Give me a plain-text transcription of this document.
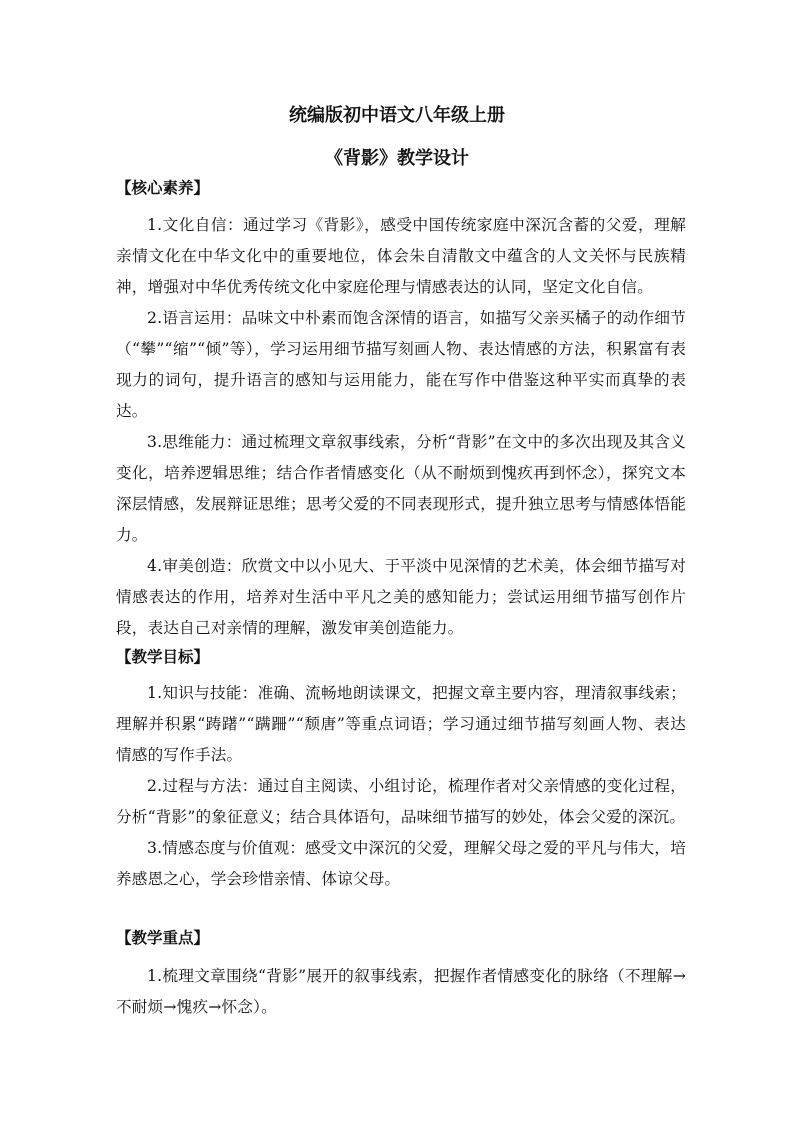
统编版初中语文八年级上册
《背影》教学设计

【核心素养】

1.文化自信：通过学习《背影》，感受中国传统家庭中深沉含蓄的父爱，理解亲情文化在中华文化中的重要地位，体会朱自清散文中蕴含的人文关怀与民族精神，增强对中华优秀传统文化中家庭伦理与情感表达的认同，坚定文化自信。

2.语言运用：品味文中朴素而饱含深情的语言，如描写父亲买橘子的动作细节（“攀”“缩”“倾”等），学习运用细节描写刻画人物、表达情感的方法，积累富有表现力的词句，提升语言的感知与运用能力，能在写作中借鉴这种平实而真挚的表达。

3.思维能力：通过梳理文章叙事线索，分析“背影”在文中的多次出现及其含义变化，培养逻辑思维；结合作者情感变化（从不耐烦到愧疚再到怀念），探究文本深层情感，发展辩证思维；思考父爱的不同表现形式，提升独立思考与情感体悟能力。

4.审美创造：欣赏文中以小见大、于平淡中见深情的艺术美，体会细节描写对情感表达的作用，培养对生活中平凡之美的感知能力；尝试运用细节描写创作片段，表达自己对亲情的理解，激发审美创造能力。

【教学目标】

1.知识与技能：准确、流畅地朗读课文，把握文章主要内容，理清叙事线索；理解并积累“踌躇”“蹒跚”“颓唐”等重点词语；学习通过细节描写刻画人物、表达情感的写作手法。

2.过程与方法：通过自主阅读、小组讨论，梳理作者对父亲情感的变化过程，分析“背影”的象征意义；结合具体语句，品味细节描写的妙处，体会父爱的深沉。

3.情感态度与价值观：感受文中深沉的父爱，理解父母之爱的平凡与伟大，培养感恩之心，学会珍惜亲情、体谅父母。

【教学重点】

1.梳理文章围绕“背影”展开的叙事线索，把握作者情感变化的脉络（不理解→不耐烦→愧疚→怀念）。
